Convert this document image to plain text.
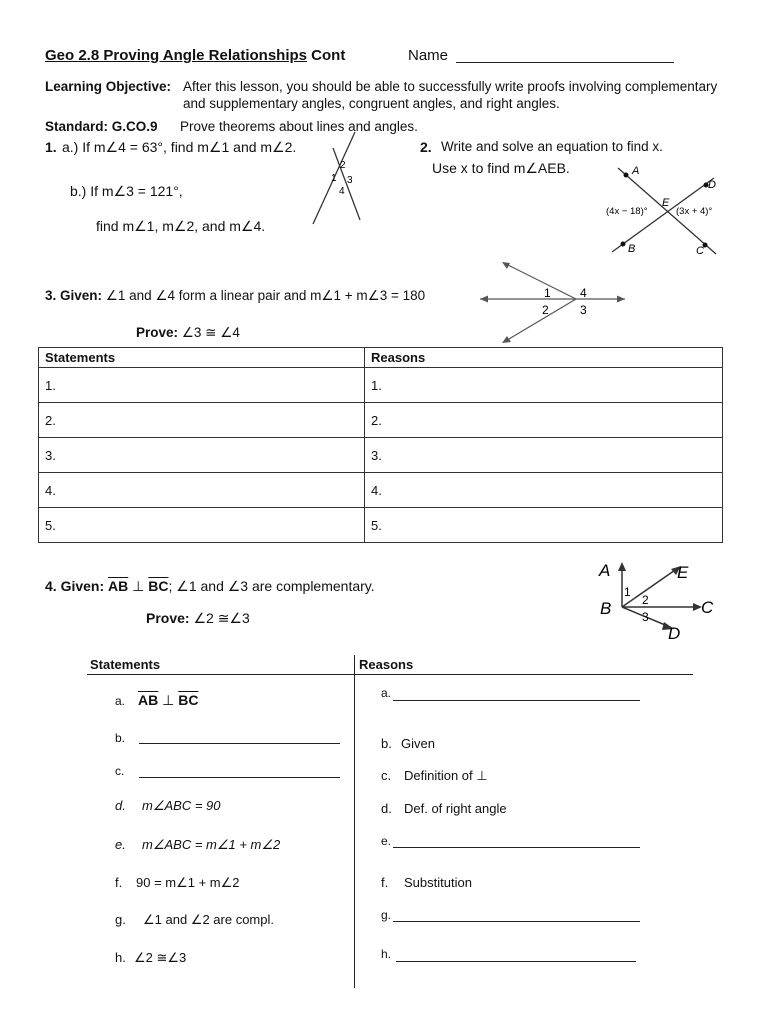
Geo 2.8 Proving Angle Relationships Cont	Name
Learning Objective: After this lesson, you should be able to successfully write proofs involving complementary
and supplementary angles, congruent angles, and right angles.
Standard: G.CO.9 Prove theorems about lines and angles.
1. a.) If m∠4 = 63°, find m∠1 and m∠2.
b.) If m∠3 = 121°,
find m∠1, m∠2, and m∠4.
2
1 3
4
2. Write and solve an equation to find x.
Use x to find m∠AEB.	A
D
E
(4x − 18)°	(3x + 4)°
B	C
3. Given: ∠1 and ∠4 form a linear pair and m∠1 + m∠3 = 180
Prove: ∠3 ≅ ∠4
1 4
2	3
Statements	Reasons
1.	1.
2.	2.
3.	3.
4.	4.
5.	5.
4. Given: $\overline{AB}$ ⊥ $\overline{BC}$; ∠1 and ∠3 are complementary.
Prove: ∠2 ≅∠3
A	E
B	C
D
1
2
3
Statements	Reasons
a. $\overline{AB}$ ⊥ $\overline{BC}$	a.
b.	b. Given
c.	c. Definition of ⊥
d. m∠ABC = 90	d. Def. of right angle
e. m∠ABC = m∠1 + m∠2	e.
f. 90 = m∠1 + m∠2	f. Substitution
g. ∠1 and ∠2 are compl.	g.
h. ∠2 ≅∠3	h.
